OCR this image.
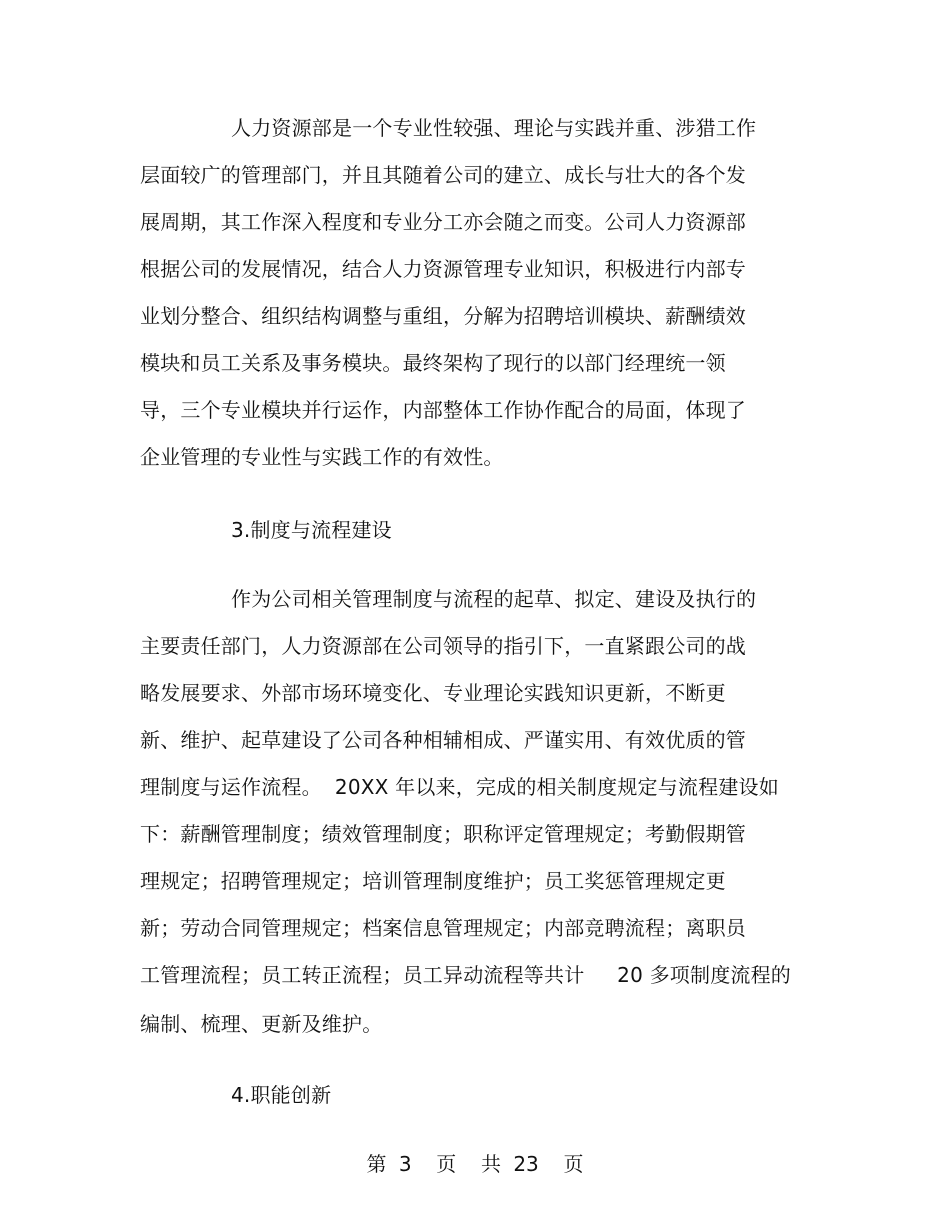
人力资源部是一个专业性较强、理论与实践并重、涉猎工作
层面较广的管理部门，并且其随着公司的建立、成长与壮大的各个发
展周期，其工作深入程度和专业分工亦会随之而变。公司人力资源部
根据公司的发展情况，结合人力资源管理专业知识，积极进行内部专
业划分整合、组织结构调整与重组，分解为招聘培训模块、薪酬绩效
模块和员工关系及事务模块。最终架构了现行的以部门经理统一领
导，三个专业模块并行运作，内部整体工作协作配合的局面，体现了
企业管理的专业性与实践工作的有效性。
3.制度与流程建设
作为公司相关管理制度与流程的起草、拟定、建设及执行的
主要责任部门，人力资源部在公司领导的指引下，一直紧跟公司的战
略发展要求、外部市场环境变化、专业理论实践知识更新，不断更
新、维护、起草建设了公司各种相辅相成、严谨实用、有效优质的管
理制度与运作流程。  20XX 年以来，完成的相关制度规定与流程建设如
下：薪酬管理制度；绩效管理制度；职称评定管理规定；考勤假期管
理规定；招聘管理规定；培训管理制度维护；员工奖惩管理规定更
新；劳动合同管理规定；档案信息管理规定；内部竞聘流程；离职员
工管理流程；员工转正流程；员工异动流程等共计     20 多项制度流程的
编制、梳理、更新及维护。
4.职能创新
第 3  页  共 23  页
